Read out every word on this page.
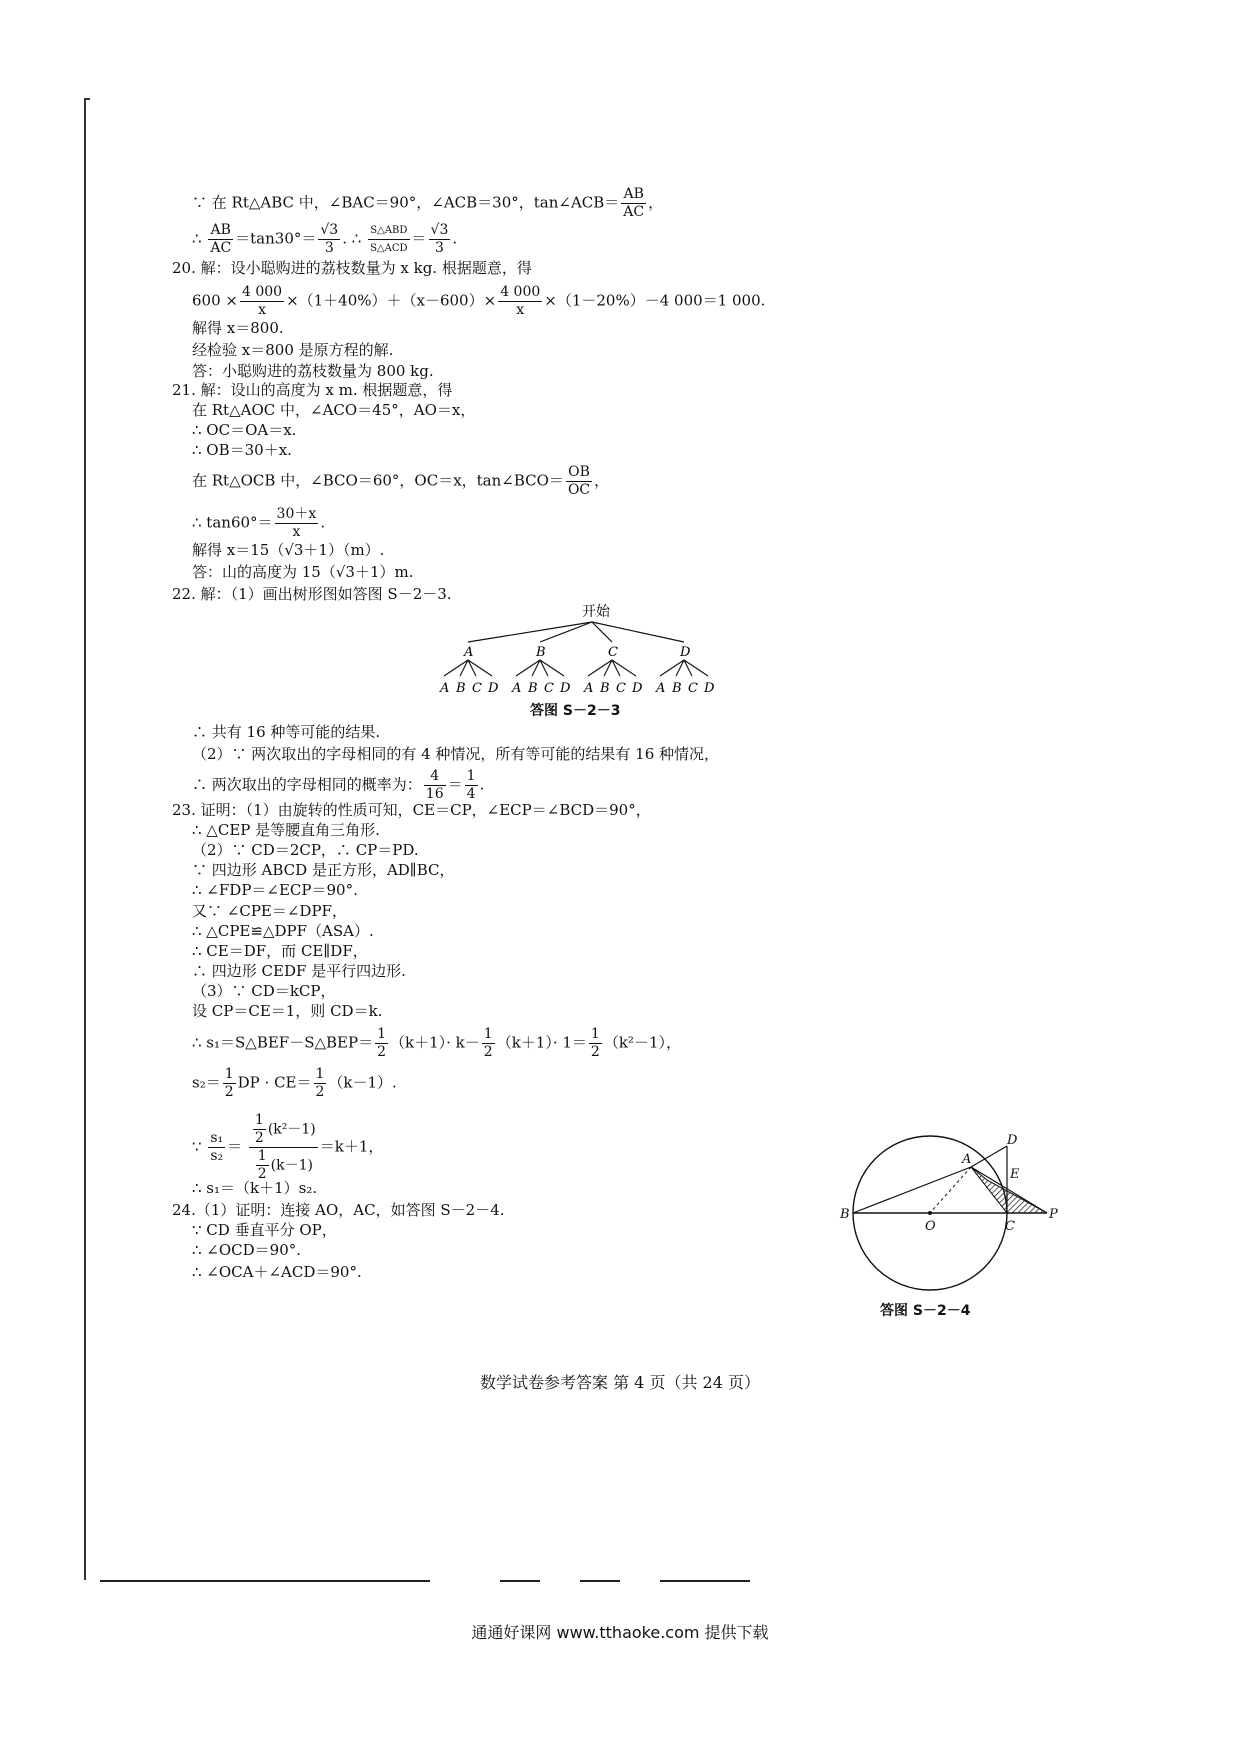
∵ 在 Rt△ABC 中，∠BAC＝90°，∠ACB＝30°，tan∠ACB＝ $\frac{AB}{AC}$ ，
∴ $\frac{AB}{AC} =\tan 30^\circ= \frac{√3}{3}$ . ∴ $\frac{\text{S△ABD}}{\text{S△ACD}} = \frac{√3}{3}$ .
20. 解：设小聪购进的荔枝数量为 x kg. 根据题意，得
$600 \times \frac{4 000}{x} \times(1+40\%)+(x-600)\times \frac{4 000}{x} \times(1-20\%)-4$ 000＝1 000.
解得 x＝800.
经检验 x＝800 是原方程的解.
答：小聪购进的荔枝数量为 800 kg.
21. 解：设山的高度为 x m. 根据题意，得
在 Rt△AOC 中，∠ACO＝45°，AO＝x，
∴ OC＝OA＝x.
∴ OB＝30＋x.
在 Rt△OCB 中，∠BCO＝60°，OC＝x，tan∠BCO＝ $\frac{OB}{OC}$ ，
∴ $\tan 60^\circ= \frac{30+x}{x}$ .
解得 x＝15（√3＋1）（m）.
答：山的高度为 15（√3＋1）m.
22. 解：（1）画出树形图如答图 S－2－3.
开始
A	B	C	D
A B C D A B C D A B C D A B C D
答图 S－2－3
∴ 共有 16 种等可能的结果.
（2）∵ 两次取出的字母相同的有 4 种情况，所有等可能的结果有 16 种情况，
∴ 两次取出的字母相同的概率为： $\frac{4}{16} = \frac{1}{4}$ .
23. 证明：（1）由旋转的性质可知，CE＝CP，∠ECP＝∠BCD＝90°，
∴ △CEP 是等腰直角三角形.
（2）∵ CD＝2CP，∴ CP＝PD.
∵ 四边形 ABCD 是正方形，AD∥BC，
∴ ∠FDP＝∠ECP＝90°.
又∵ ∠CPE＝∠DPF，
∴ △CPE≌△DPF（ASA）.
∴ CE＝DF，而 CE∥DF，
∴ 四边形 CEDF 是平行四边形.
（3）∵ CD＝kCP，
设 CP＝CE＝1，则 CD＝k.
∴ s₁＝S△BEF－S△BEP＝ $\frac{1}{2} (k+1)\cdot k- \frac{1}{2} (k+1)\cdot 1= \frac{1}{2} (k^2-1)$，
$s_2= \frac{1}{2}$ DP · $CE= \frac{1}{2} (k-1)$.
∵ $\frac{\text{s₁}}{\text{s₂}} = \frac{\frac{1}{2} (k^2-1)}{\frac{1}{2} (k-1)} =k+1$，
∴ s₁＝（k＋1）s₂.
24.（1）证明：连接 AO，AC，如答图 S－2－4.
∵ CD 垂直平分 OP，
∴ ∠OCD＝90°.
∴ ∠OCA＋∠ACD＝90°.
A
B
C
D
E
O
P
答图 S－2－4
数学试卷参考答案 第 4 页（共 24 页）
通通好课网 www.tthaoke.com 提供下载
